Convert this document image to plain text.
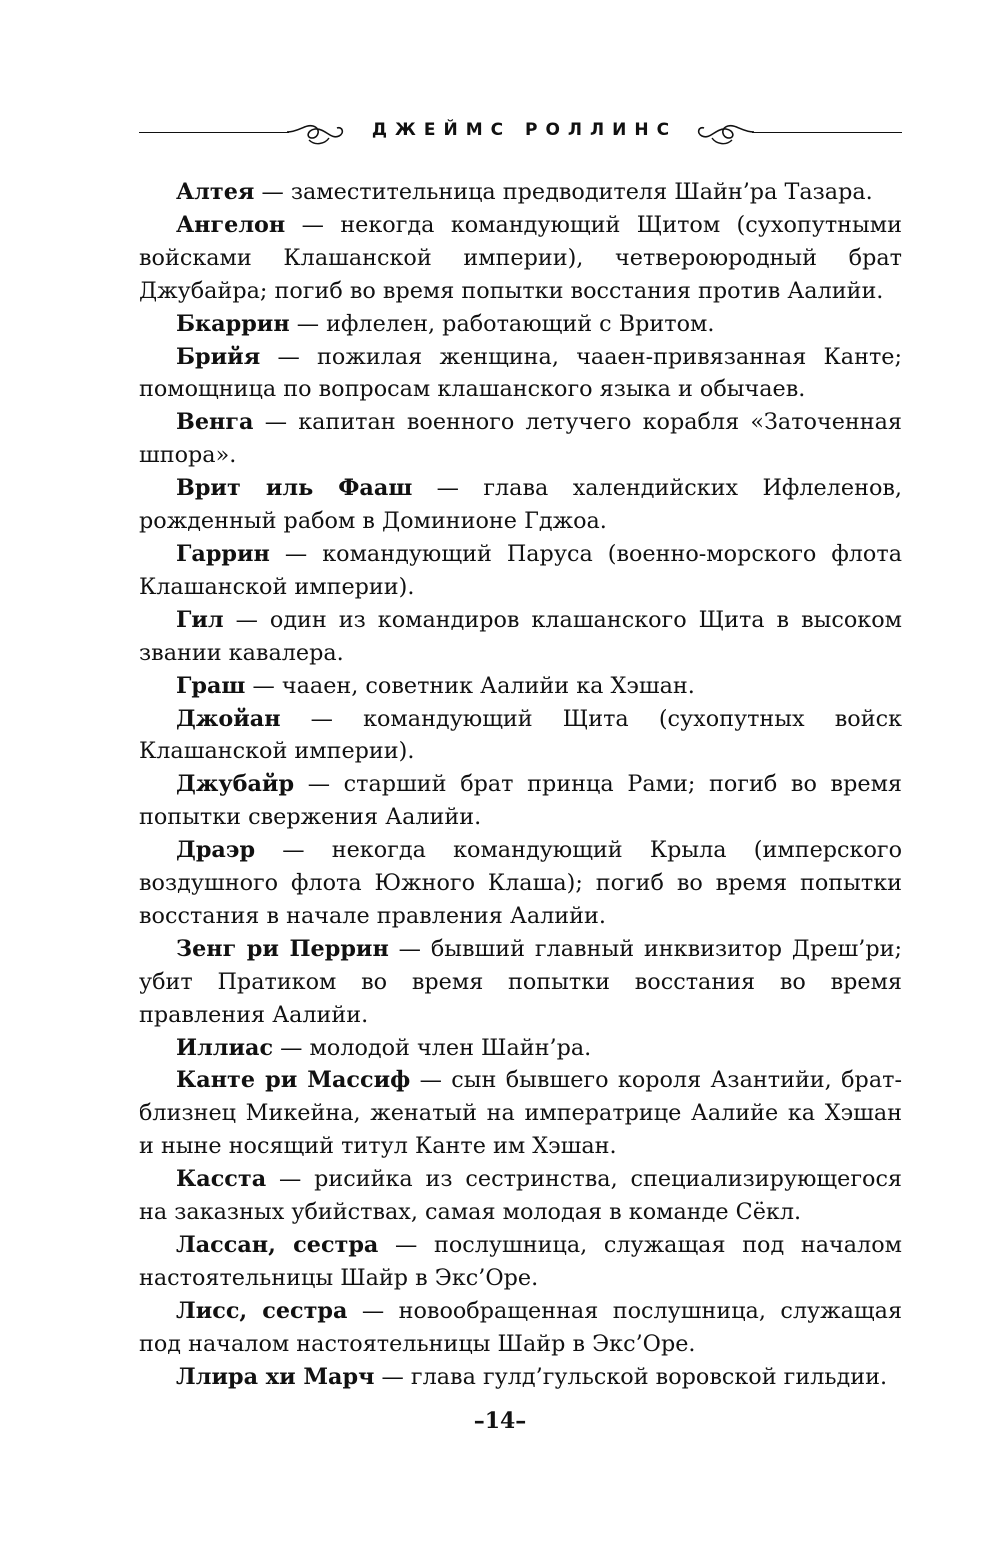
ДЖЕЙМС РОЛЛИНС

Алтея — заместительница предводителя Шайн’ра Тазара.

Ангелон — некогда командующий Щитом (сухопутными войсками Клашанской империи), четвероюродный брат Джубайра; погиб во время попытки восстания против Аалийи.

Бкаррин — ифлелен, работающий с Вритом.

Брийя — пожилая женщина, чааен-привязанная Канте; помощница по вопросам клашанского языка и обычаев.

Венга — капитан военного летучего корабля «Заточенная шпора».

Врит иль Фааш — глава халендийских Ифлеленов, рожденный рабом в Доминионе Гджоа.

Гаррин — командующий Паруса (военно-морского флота Клашанской империи).

Гил — один из командиров клашанского Щита в высоком звании кавалера.

Граш — чааен, советник Аалийи ка Хэшан.

Джойан — командующий Щита (сухопутных войск Клашанской империи).

Джубайр — старший брат принца Рами; погиб во время попытки свержения Аалийи.

Драэр — некогда командующий Крыла (имперского воздушного флота Южного Клаша); погиб во время попытки восстания в начале правления Аалийи.

Зенг ри Перрин — бывший главный инквизитор Дреш’ри; убит Пратиком во время попытки восстания во время правления Аалийи.

Иллиас — молодой член Шайн’ра.

Канте ри Массиф — сын бывшего короля Азантийи, брат-близнец Микейна, женатый на императрице Аалийе ка Хэшан и ныне носящий титул Канте им Хэшан.

Касста — рисийка из сестринства, специализирующегося на заказных убийствах, самая молодая в команде Сёкл.

Лассан, сестра — послушница, служащая под началом настоятельницы Шайр в Экс’Оре.

Лисс, сестра — новообращенная послушница, служащая под началом настоятельницы Шайр в Экс’Оре.

Ллира хи Марч — глава гулд’гульской воровской гильдии.

–14–
